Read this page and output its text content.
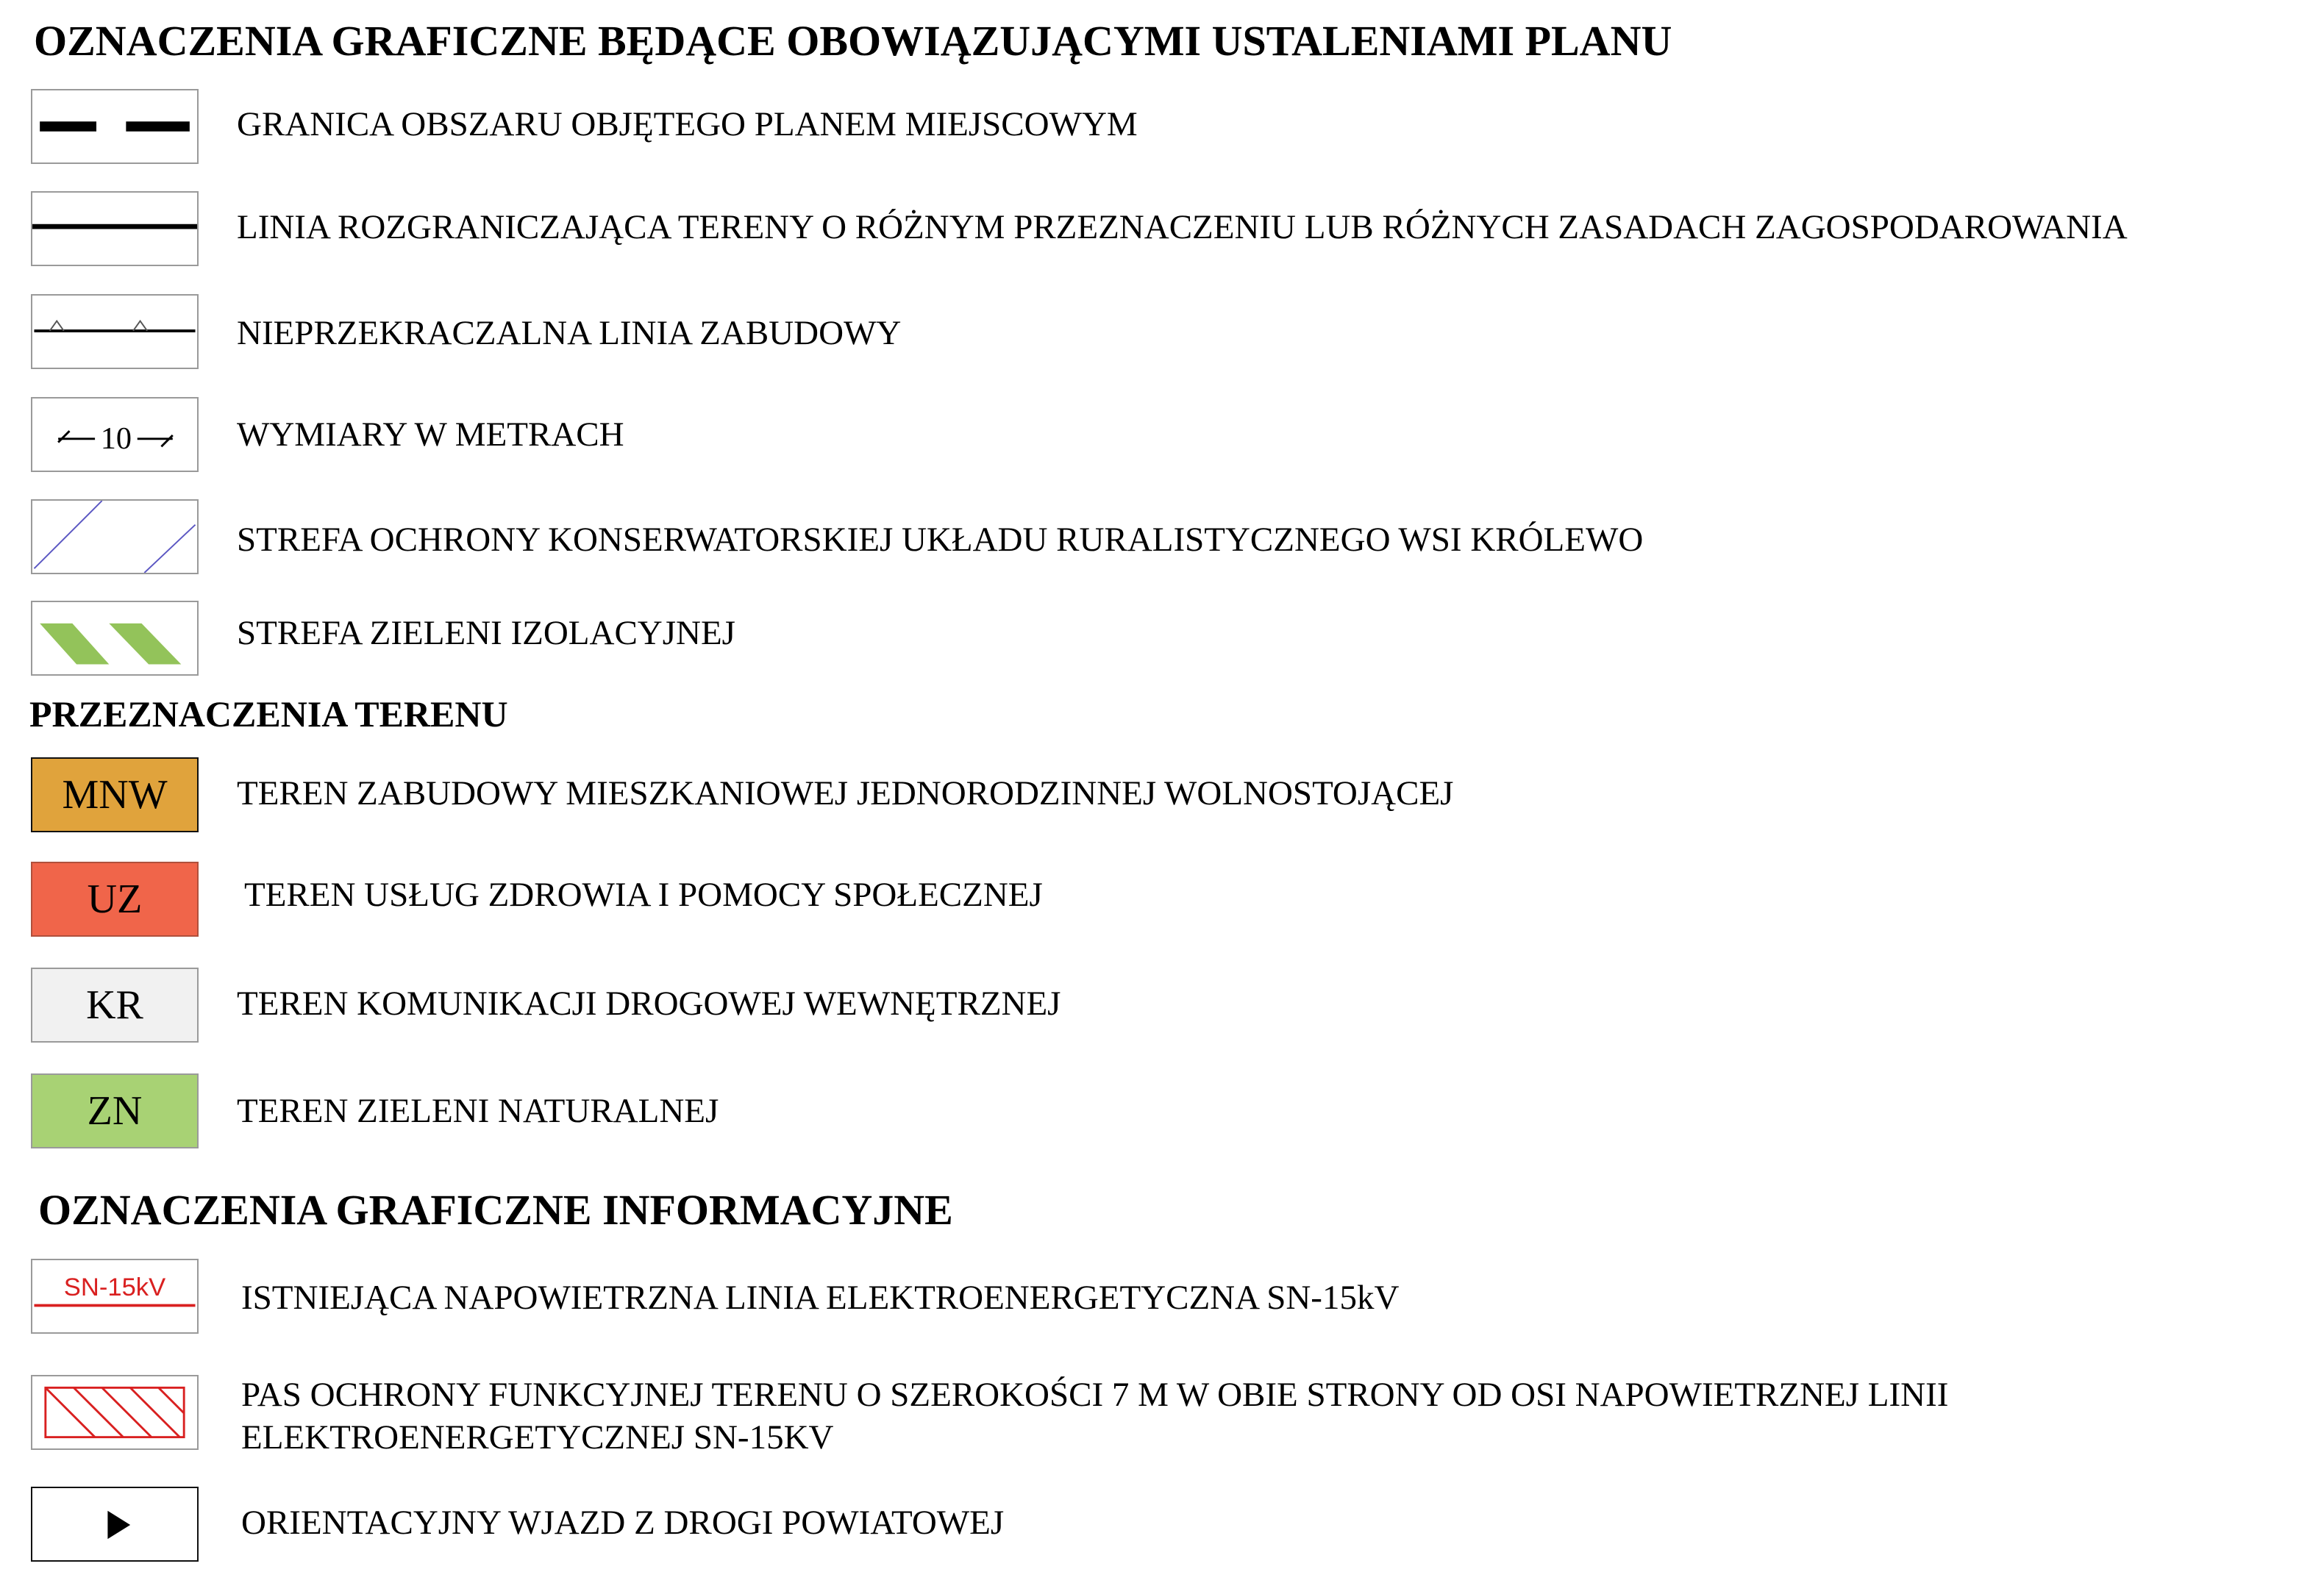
OZNACZENIA GRAFICZNE BĘDĄCE OBOWIĄZUJĄCYMI USTALENIAMI PLANU
GRANICA OBSZARU OBJĘTEGO PLANEM MIEJSCOWYM
LINIA ROZGRANICZAJĄCA TERENY O RÓŻNYM PRZEZNACZENIU LUB RÓŻNYCH ZASADACH ZAGOSPODAROWANIA
NIEPRZEKRACZALNA LINIA ZABUDOWY
10	WYMIARY W METRACH
STREFA OCHRONY KONSERWATORSKIEJ UKŁADU RURALISTYCZNEGO WSI KRÓLEWO
STREFA ZIELENI IZOLACYJNEJ
PRZEZNACZENIA TERENU
MNW	TEREN ZABUDOWY MIESZKANIOWEJ JEDNORODZINNEJ WOLNOSTOJĄCEJ
UZ	TEREN USŁUG ZDROWIA I POMOCY SPOŁECZNEJ
KR	TEREN KOMUNIKACJI DROGOWEJ WEWNĘTRZNEJ
ZN	TEREN ZIELENI NATURALNEJ
OZNACZENIA GRAFICZNE INFORMACYJNE
SN-15kV ISTNIEJĄCA NAPOWIETRZNA LINIA ELEKTROENERGETYCZNA SN-15kV
PAS OCHRONY FUNKCYJNEJ TERENU O SZEROKOŚCI 7 M W OBIE STRONY OD OSI NAPOWIETRZNEJ LINII ELEKTROENERGETYCZNEJ SN-15KV
ORIENTACYJNY WJAZD Z DROGI POWIATOWEJ
